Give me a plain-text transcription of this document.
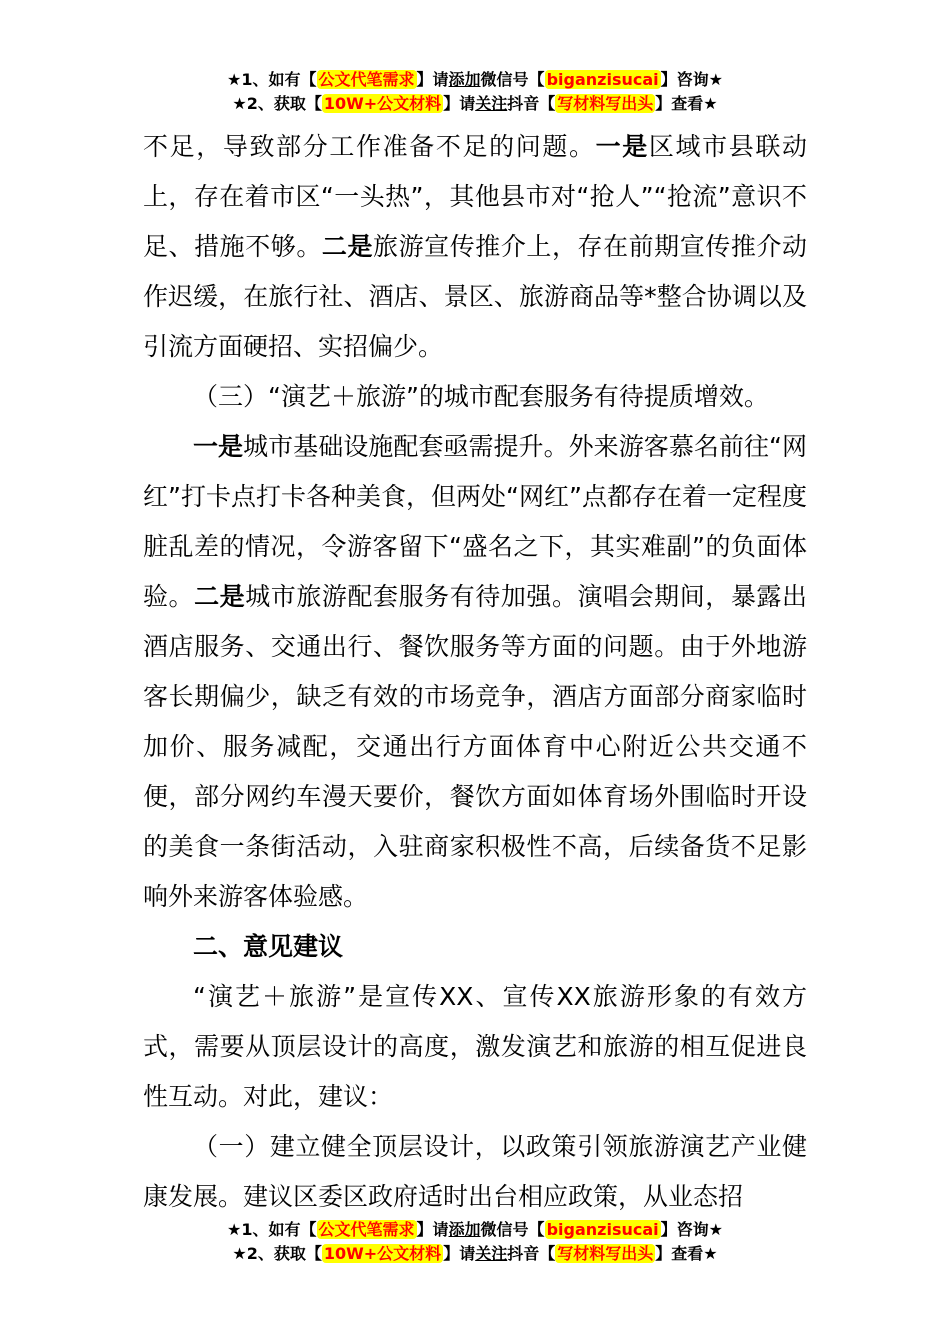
★1、如有【 公文代笔需求 】请添加微信号【 biganzisucai 】咨询★
★2、获取【 10W+公文材料 】请关注抖音【 写材料写出头 】查看★

不足，导致部分工作准备不足的问题。一是区域市县联动上，存在着市区“一头热”，其他县市对“抢人”“抢流”意识不足、措施不够。二是旅游宣传推介上，存在前期宣传推介动作迟缓，在旅行社、酒店、景区、旅游商品等*整合协调以及引流方面硬招、实招偏少。

（三）“演艺＋旅游”的城市配套服务有待提质增效。

一是城市基础设施配套亟需提升。外来游客慕名前往“网红”打卡点打卡各种美食，但两处“网红”点都存在着一定程度脏乱差的情况，令游客留下“盛名之下，其实难副”的负面体验。二是城市旅游配套服务有待加强。演唱会期间，暴露出酒店服务、交通出行、餐饮服务等方面的问题。由于外地游客长期偏少，缺乏有效的市场竞争，酒店方面部分商家临时加价、服务减配，交通出行方面体育中心附近公共交通不便，部分网约车漫天要价，餐饮方面如体育场外围临时开设的美食一条街活动，入驻商家积极性不高，后续备货不足影响外来游客体验感。

二、意见建议

“演艺＋旅游”是宣传XX、宣传XX旅游形象的有效方式，需要从顶层设计的高度，激发演艺和旅游的相互促进良性互动。对此，建议：

（一）建立健全顶层设计，以政策引领旅游演艺产业健康发展。建议区委区政府适时出台相应政策，从业态招

★1、如有【 公文代笔需求 】请添加微信号【 biganzisucai 】咨询★
★2、获取【 10W+公文材料 】请关注抖音【 写材料写出头 】查看★
